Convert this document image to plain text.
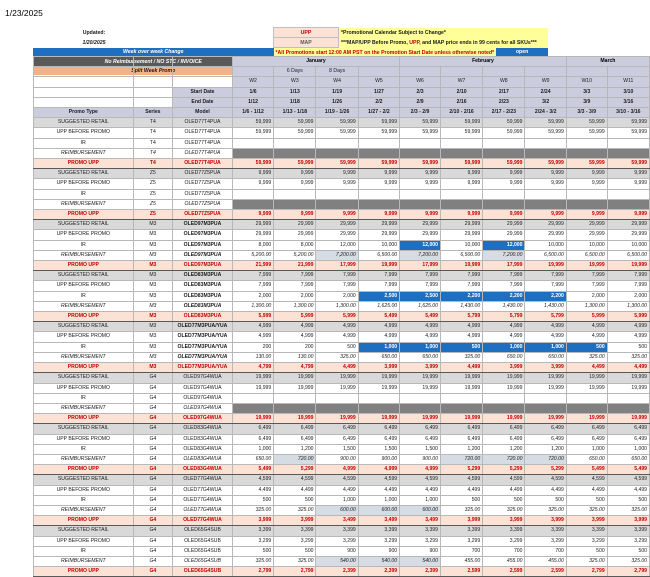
1/23/2025
Updated:			UPP	*Promotional Calendar Subject to Change*	
1/20/2025			MAP	***MAP/UPP Before Promo, UPP, and MAP price ends in 99 cents for all SKUs***	
Week over week Change			*All Promotions start 12:00 AM PST on the Promotion Start Date unless otherwise noted*		open
No Reimbursement / NO STC / INVOICE					
Split Week Promo					
			January				February				March	
				6 Days	8 Days							
			W2	W3	W4	W5	W6	W7	W8	W9	W10	W11
		Start Date	1/6	1/13	1/19	1/27	2/3	2/10	2/17	2/24	3/3	3/10
		End Date	1/12	1/18	1/26	2/2	2/9	2/16	2/23	3/2	3/9	3/16
Promo Type	Series	Model	1/6 - 1/12	1/13 - 1/18	1/19 - 1/26	1/27 - 2/2	2/3 - 2/9	2/10 - 2/16	2/17 - 2/23	2/24 - 3/2	3/3 - 3/9	3/10 - 3/16
SUGGESTED RETAIL	T4	OLED77T4PUA	59,999	59,999	59,999	59,999	59,999	59,999	59,999	59,999	59,999	59,999
UPP BEFORE PROMO	T4	OLED77T4PUA	59,999	59,999	59,999	59,999	59,999	59,999	59,999	59,999	59,999	59,999
IR	T4	OLED77T4PUA										
REIMBURSEMENT	T4	OLED77T4PUA										
PROMO UPP	T4	OLED77T4PUA	59,999	59,999	59,999	59,999	59,999	59,999	59,999	59,999	59,999	59,999
SUGGESTED RETAIL	Z5	OLED77Z5PUA	9,999	9,999	9,999	9,999	9,999	9,999	9,999	9,999	9,999	9,999
UPP BEFORE PROMO	Z5	OLED77Z5PUA	9,999	9,999	9,999	9,999	9,999	9,999	9,999	9,999	9,999	9,999
IR	Z5	OLED77Z5PUA										
REIMBURSEMENT	Z5	OLED77Z5PUA										
PROMO UPP	Z5	OLED77Z5PUA	9,999	9,999	9,999	9,999	9,999	9,999	9,999	9,999	9,999	9,999
SUGGESTED RETAIL	M3	OLED97M3PUA	29,999	29,999	29,999	29,999	29,999	29,999	29,999	29,999	29,999	29,999
UPP BEFORE PROMO	M3	OLED97M3PUA	29,999	29,999	29,999	29,999	29,999	29,999	29,999	29,999	29,999	29,999
IR	M3	OLED97M3PUA	8,000	8,000	12,000	10,000	12,000	10,000	12,000	10,000	10,000	10,000
REIMBURSEMENT	M3	OLED97M3PUA	5,200.00	5,200.00	7,200.00	6,500.00	7,200.00	6,500.00	7,200.00	6,500.00	6,500.00	6,500.00
PROMO UPP	M3	OLED97M3PUA	21,999	21,999	17,999	19,999	17,999	19,999	17,999	19,999	19,999	19,999
SUGGESTED RETAIL	M3	OLED83M3PUA	7,999	7,999	7,999	7,999	7,999	7,999	7,999	7,999	7,999	7,999
UPP BEFORE PROMO	M3	OLED83M3PUA	7,999	7,999	7,999	7,999	7,999	7,999	7,999	7,999	7,999	7,999
IR	M3	OLED83M3PUA	2,000	2,000	2,000	2,500	2,500	2,200	2,200	2,200	2,000	2,000
REIMBURSEMENT	M3	OLED83M3PUA	1,300.00	1,300.00	1,300.00	1,625.00	1,625.00	1,430.00	1,430.00	1,430.00	1,300.00	1,300.00
PROMO UPP	M3	OLED83M3PUA	5,999	5,999	5,999	5,499	5,499	5,799	5,799	5,799	5,999	5,999
SUGGESTED RETAIL	M3	OLED77M3PUA/YUA	4,999	4,999	4,999	4,999	4,999	4,999	4,999	4,999	4,999	4,999
UPP BEFORE PROMO	M3	OLED77M3PUA/YUA	4,999	4,999	4,999	4,999	4,999	4,999	4,999	4,999	4,999	4,999
IR	M3	OLED77M3PUA/YUA	200	200	500	1,000	1,000	500	1,000	1,000	500	500
REIMBURSEMENT	M3	OLED77M3PUA/YUA	130.00	130.00	325.00	650.00	650.00	325.00	650.00	650.00	325.00	325.00
PROMO UPP	M3	OLED77M3PUA/YUA	4,799	4,799	4,499	3,999	3,999	4,499	3,999	3,999	4,499	4,499
SUGGESTED RETAIL	G4	OLED97G4WUA	19,999	19,999	19,999	19,999	19,999	19,999	19,999	19,999	19,999	19,999
UPP BEFORE PROMO	G4	OLED97G4WUA	19,999	19,999	19,999	19,999	19,999	19,999	19,999	19,999	19,999	19,999
IR	G4	OLED97G4WUA										
REIMBURSEMENT	G4	OLED97G4WUA										
PROMO UPP	G4	OLED97G4WUA	19,999	19,999	19,999	19,999	19,999	19,999	19,999	19,999	19,999	19,999
SUGGESTED RETAIL	G4	OLED83G4WUA	6,499	6,499	6,499	6,499	6,499	6,499	6,499	6,499	6,499	6,499
UPP BEFORE PROMO	G4	OLED83G4WUA	6,499	6,499	6,499	6,499	6,499	6,499	6,499	6,499	6,499	6,499
IR	G4	OLED83G4WUA	1,000	1,200	1,500	1,500	1,500	1,200	1,200	1,200	1,000	1,000
REIMBURSEMENT	G4	OLED83G4WUA	650.00	720.00	900.00	900.00	900.00	720.00	720.00	720.00	650.00	650.00
PROMO UPP	G4	OLED83G4WUA	5,499	5,299	4,999	4,999	4,999	5,299	5,299	5,299	5,499	5,499
SUGGESTED RETAIL	G4	OLED77G4WUA	4,599	4,599	4,599	4,599	4,599	4,599	4,599	4,599	4,599	4,599
UPP BEFORE PROMO	G4	OLED77G4WUA	4,499	4,499	4,499	4,499	4,499	4,499	4,499	4,499	4,499	4,499
IR	G4	OLED77G4WUA	500	500	1,000	1,000	1,000	500	500	500	500	500
REIMBURSEMENT	G4	OLED77G4WUA	325.00	325.00	600.00	600.00	600.00	325.00	325.00	325.00	325.00	325.00
PROMO UPP	G4	OLED77G4WUA	3,999	3,999	3,499	3,499	3,499	3,999	3,999	3,999	3,999	3,999
SUGGESTED RETAIL	G4	OLED65G4SUB	3,399	3,399	3,399	3,399	3,399	3,399	3,399	3,399	3,399	3,399
UPP BEFORE PROMO	G4	OLED65G4SUB	3,299	3,299	3,299	3,299	3,299	3,299	3,299	3,299	3,299	3,299
IR	G4	OLED65G4SUB	500	500	900	900	900	700	700	700	500	500
REIMBURSEMENT	G4	OLED65G4SUB	325.00	325.00	540.00	540.00	540.00	455.00	455.00	455.00	325.00	325.00
PROMO UPP	G4	OLED65G4SUB	2,799	2,799	2,399	2,399	2,399	2,599	2,599	2,599	2,799	2,799
